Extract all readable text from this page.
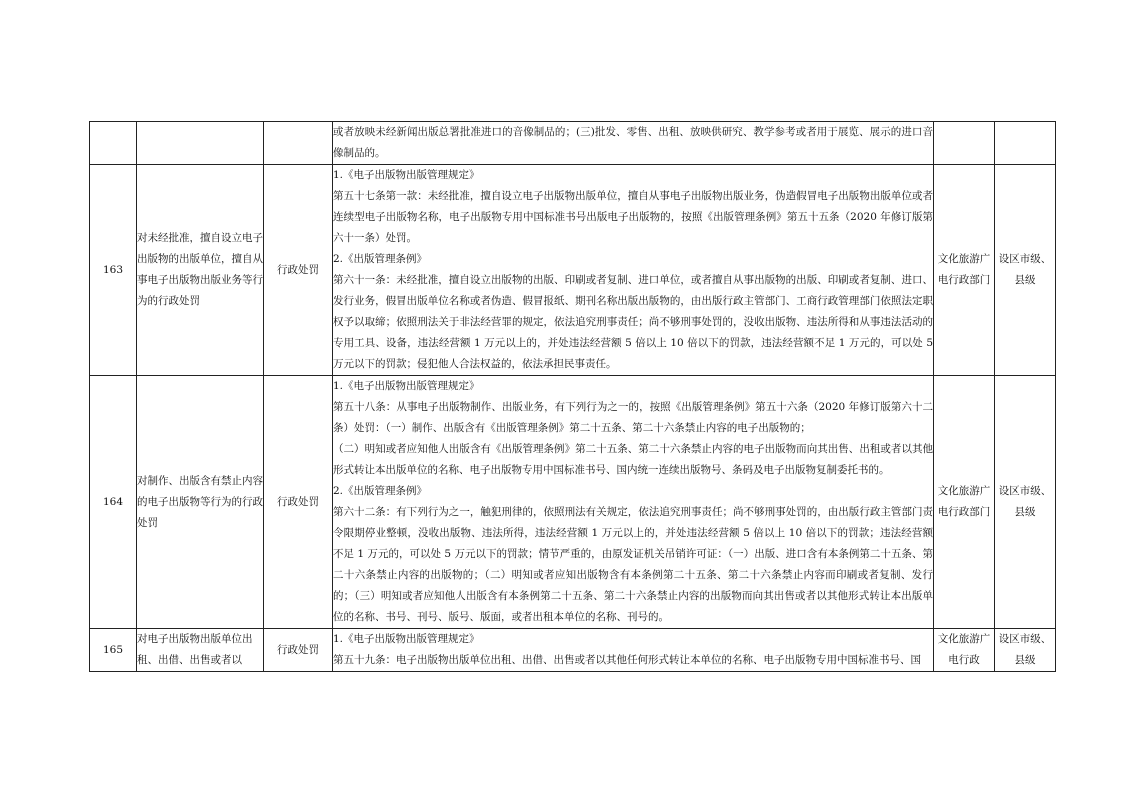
			或者放映未经新闻出版总署批准进口的音像制品的；(三)批发、零售、出租、放映供研究、教学参考或者用于展览、展示的进口音像制品的。		

163	对未经批准，擅自设立电子出版物的出版单位，擅自从事电子出版物出版业务等行为的行政处罚	行政处罚	1.《电子出版物出版管理规定》
第五十七条第一款：未经批准，擅自设立电子出版物出版单位，擅自从事电子出版物出版业务，伪造假冒电子出版物出版单位或者连续型电子出版物名称，电子出版物专用中国标准书号出版电子出版物的，按照《出版管理条例》第五十五条（2020 年修订版第六十一条）处罚。
2.《出版管理条例》
第六十一条：未经批准，擅自设立出版物的出版、印刷或者复制、进口单位，或者擅自从事出版物的出版、印刷或者复制、进口、发行业务，假冒出版单位名称或者伪造、假冒报纸、期刊名称出版出版物的，由出版行政主管部门、工商行政管理部门依照法定职权予以取缔；依照刑法关于非法经营罪的规定，依法追究刑事责任；尚不够刑事处罚的，没收出版物、违法所得和从事违法活动的专用工具、设备，违法经营额 1 万元以上的，并处违法经营额 5 倍以上 10 倍以下的罚款，违法经营额不足 1 万元的，可以处 5 万元以下的罚款；侵犯他人合法权益的，依法承担民事责任。	文化旅游广电行政部门	设区市级、县级
164	对制作、出版含有禁止内容的电子出版物等行为的行政处罚	行政处罚	1.《电子出版物出版管理规定》
第五十八条：从事电子出版物制作、出版业务，有下列行为之一的，按照《出版管理条例》第五十六条（2020 年修订版第六十二条）处罚：（一）制作、出版含有《出版管理条例》第二十五条、第二十六条禁止内容的电子出版物的；
（二）明知或者应知他人出版含有《出版管理条例》第二十五条、第二十六条禁止内容的电子出版物而向其出售、出租或者以其他形式转让本出版单位的名称、电子出版物专用中国标准书号、国内统一连续出版物号、条码及电子出版物复制委托书的。
2.《出版管理条例》
第六十二条：有下列行为之一，触犯刑律的，依照刑法有关规定，依法追究刑事责任；尚不够刑事处罚的，由出版行政主管部门责令限期停业整顿，没收出版物、违法所得，违法经营额 1 万元以上的，并处违法经营额 5 倍以上 10 倍以下的罚款；违法经营额不足 1 万元的，可以处 5 万元以下的罚款；情节严重的，由原发证机关吊销许可证：（一）出版、进口含有本条例第二十五条、第二十六条禁止内容的出版物的；（二）明知或者应知出版物含有本条例第二十五条、第二十六条禁止内容而印刷或者复制、发行的；（三）明知或者应知他人出版含有本条例第二十五条、第二十六条禁止内容的出版物而向其出售或者以其他形式转让本出版单位的名称、书号、刊号、版号、版面，或者出租本单位的名称、刊号的。	文化旅游广电行政部门	设区市级、县级
165	对电子出版物出版单位出租、出借、出售或者以	行政处罚	1.《电子出版物出版管理规定》
第五十九条：电子出版物出版单位出租、出借、出售或者以其他任何形式转让本单位的名称、电子出版物专用中国标准书号、国	文化旅游广电行政	设区市级、县级
